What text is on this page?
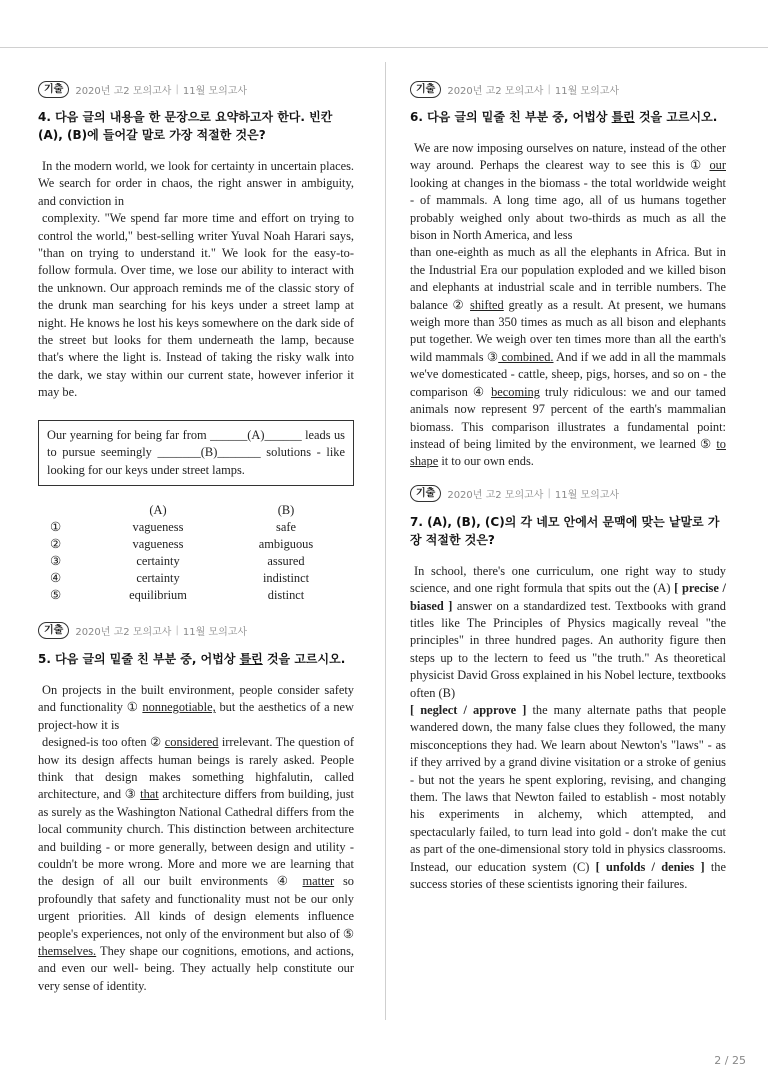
기출	2020년 고2 모의고사 | 11월 모의고사
4. 다음 글의 내용을 한 문장으로 요약하고자 한다. 빈칸 (A), (B)에 들어갈 말로 가장 적절한 것은?

In the modern world, we look for certainty in uncertain places. We search for order in chaos, the right answer in ambiguity, and conviction in

complexity. "We spend far more time and effort on trying to control the world," best-selling writer Yuval Noah Harari says, "than on trying to understand it." We look for the easy-to-follow formula. Over time, we lose our ability to interact with the unknown. Our approach reminds me of the classic story of the drunk man searching for his keys under a street lamp at night. He knows he lost his keys somewhere on the dark side of the street but looks for them underneath the lamp, because that's where the light is. Instead of taking the risky walk into the dark, we stay within our current state, however inferior it may be.

Our yearning for being far from ______(A)______ leads us to pursue seemingly _______(B)_______ solutions - like looking for our keys under street lamps.
	(A)	(B)
①	vagueness	safe
②	vagueness	ambiguous
③	certainty	assured
④	certainty	indistinct
⑤	equilibrium	distinct
기출	2020년 고2 모의고사 | 11월 모의고사
5. 다음 글의 밑줄 친 부분 중, 어법상 틀린 것을 고르시오.

On projects in the built environment, people consider safety and functionality ① nonnegotiable, but the aesthetics of a new project-how it is

designed-is too often ② considered irrelevant. The question of how its design affects human beings is rarely asked. People think that design makes something highfalutin, called architecture, and ③ that architecture differs from building, just as surely as the Washington National Cathedral differs from the local community church. This distinction between architecture and building - or more generally, between design and utility - couldn't be more wrong. More and more we are learning that the design of all our built environments ④ matter so profoundly that safety and functionality must not be our only urgent priorities. All kinds of design elements influence people's experiences, not only of the environment but also of ⑤ themselves. They shape our cognitions, emotions, and actions, and even our well- being. They actually help constitute our very sense of identity.

기출	2020년 고2 모의고사 | 11월 모의고사
6. 다음 글의 밑줄 친 부분 중, 어법상 틀린 것을 고르시오.

We are now imposing ourselves on nature, instead of the other way around. Perhaps the clearest way to see this is ① our looking at changes in the biomass - the total worldwide weight - of mammals. A long time ago, all of us humans together probably weighed only about two-thirds as much as all the bison in North America, and less

than one-eighth as much as all the elephants in Africa. But in the Industrial Era our population exploded and we killed bison and elephants at industrial scale and in terrible numbers. The balance ② shifted greatly as a result. At present, we humans weigh more than 350 times as much as all bison and elephants put together. We weigh over ten times more than all the earth's wild mammals ③ combined. And if we add in all the mammals we've domesticated - cattle, sheep, pigs, horses, and so on - the comparison ④ becoming truly ridiculous: we and our tamed animals now represent 97 percent of the earth's mammalian biomass. This comparison illustrates a fundamental point: instead of being limited by the environment, we learned ⑤ to shape it to our own ends.

기출	2020년 고2 모의고사 | 11월 모의고사
7. (A), (B), (C)의 각 네모 안에서 문맥에 맞는 낱말로 가장 적절한 것은?

In school, there's one curriculum, one right way to study science, and one right formula that spits out the (A) [ precise / biased ] answer on a standardized test. Textbooks with grand titles like The Principles of Physics magically reveal "the principles" in three hundred pages. An authority figure then steps up to the lectern to feed us "the truth." As theoretical physicist David Gross explained in his Nobel lecture, textbooks often (B)

[ neglect / approve ] the many alternate paths that people wandered down, the many false clues they followed, the many misconceptions they had. We learn about Newton's "laws" - as if they arrived by a grand divine visitation or a stroke of genius - but not the years he spent exploring, revising, and changing them. The laws that Newton failed to establish - most notably his experiments in alchemy, which attempted, and spectacularly failed, to turn lead into gold - don't make the cut as part of the one-dimensional story told in physics classrooms. Instead, our education system (C) [ unfolds / denies ] the success stories of these scientists ignoring their failures.

2 / 25
